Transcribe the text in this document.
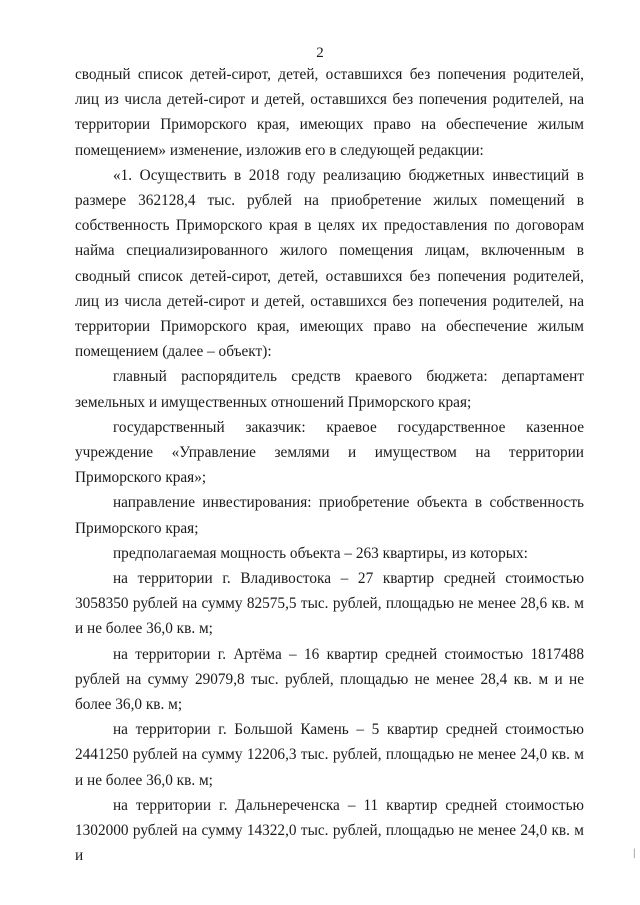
2

сводный список детей-сирот, детей, оставшихся без попечения родителей, лиц из числа детей-сирот и детей, оставшихся без попечения родителей, на территории Приморского края, имеющих право на обеспечение жилым помещением» изменение, изложив его в следующей редакции:

«1. Осуществить в 2018 году реализацию бюджетных инвестиций в размере 362128,4 тыс. рублей на приобретение жилых помещений в собственность Приморского края в целях их предоставления по договорам найма специализированного жилого помещения лицам, включенным в сводный список детей-сирот, детей, оставшихся без попечения родителей, лиц из числа детей-сирот и детей, оставшихся без попечения родителей, на территории Приморского края, имеющих право на обеспечение жилым помещением (далее – объект):

главный распорядитель средств краевого бюджета: департамент земельных и имущественных отношений Приморского края;

государственный заказчик: краевое государственное казенное учреждение «Управление землями и имуществом на территории Приморского края»;

направление инвестирования: приобретение объекта в собственность Приморского края;

предполагаемая мощность объекта – 263 квартиры, из которых:

на территории г. Владивостока – 27 квартир средней стоимостью 3058350 рублей на сумму 82575,5 тыс. рублей, площадью не менее 28,6 кв. м и не более 36,0 кв. м;

на территории г. Артёма – 16 квартир средней стоимостью 1817488 рублей на сумму 29079,8 тыс. рублей, площадью не менее 28,4 кв. м и не более 36,0 кв. м;

на территории г. Большой Камень – 5 квартир средней стоимостью 2441250 рублей на сумму 12206,3 тыс. рублей, площадью не менее 24,0 кв. м и не более 36,0 кв. м;

на территории г. Дальнереченска – 11 квартир средней стоимостью 1302000 рублей на сумму 14322,0 тыс. рублей, площадью не менее 24,0 кв. м и	|
